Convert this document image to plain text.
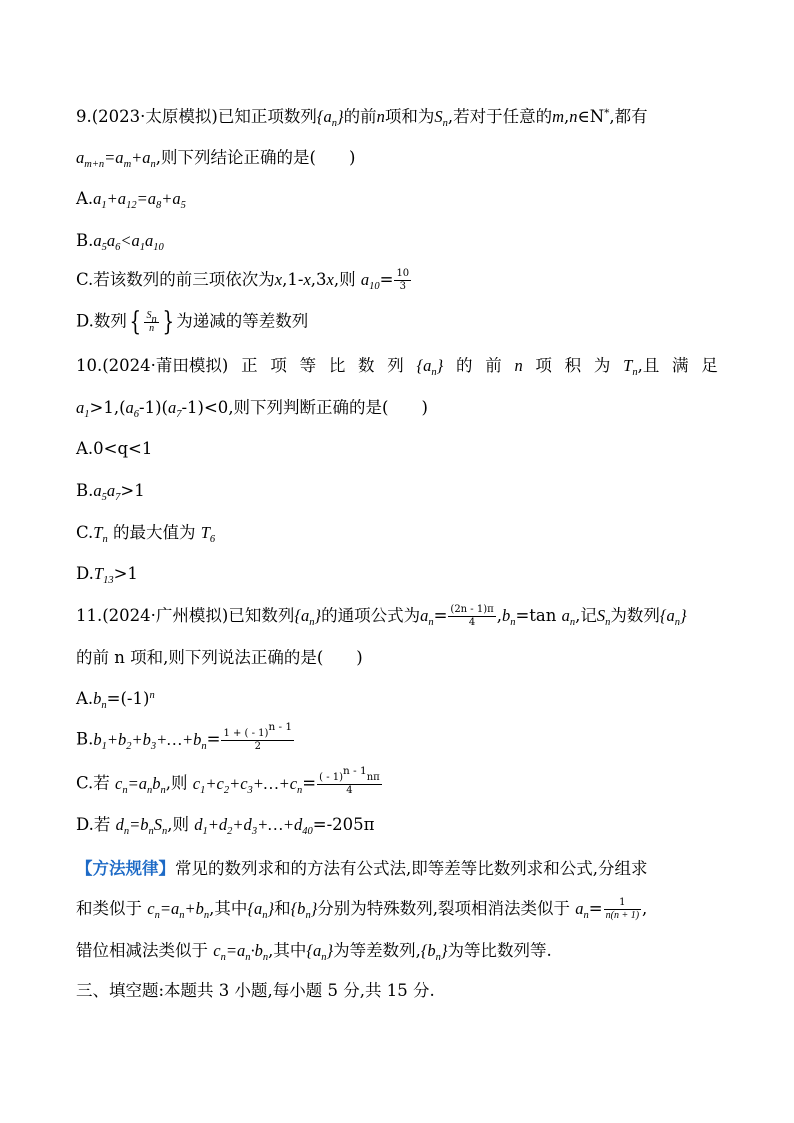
9.(2023·太原模拟)已知正项数列$\{a_n\}$的前n项和为$S_n$,若对于任意的m,n∈N*,都有
$a_{m+n}=a_m+a_n$,则下列结论正确的是(　　)
$A.a_1+a_{12}=a_8+a_5$
$B.a_5a_6<a_1a_{10}$
C.若该数列的前三项依次为x,1-x,3x,则 $a_{10}= \frac{10}{3}$
D.数列{ $\frac{S_n}{n}$ } 为递减的等差数列
10.(2024·莆田模拟) 正 项 等 比 数 列 $\{a_n\}$ 的 前 n 项 积 为 $T_n$,且 满 足
$a_1>1,(a_6-1)(a_7-1)<0$,则下列判断正确的是(　　)
A.0<q<1
$B.a_5a_7>1$
$C.T_n$ 的最大值为 $T_6$
$D.T_{13}>1$
11.(2024·广州模拟)已知数列$\{a_n\}$的通项公式为$a_n= \frac{(2n - 1)\pi}{4} ,b_n=\tan$ $a_n$,记$S_n$为数列$\{a_n\}$
的前 n 项和,则下列说法正确的是(　　)
$A.b_n=(-1)^n$
$B.b_1+b_2+b_3+\dots+b_n= \frac{1 + ( - 1)^{n - 1}}{2}$
C.若 $c_n=a_nb_n$,则 $c_1+c_2+c_3+\dots+c_n= \frac{( - 1)^{n - 1}n\pi}{4}$
D.若 $d_n=b_nS_n$,则 $d_1+d_2+d_3+\dots+d_{40}=-205\pi$
【方法规律】常见的数列求和的方法有公式法,即等差等比数列求和公式,分组求
和类似于 $c_n=a_n+b_n$,其中$\{a_n\}$和$\{b_n\}$分别为特殊数列,裂项相消法类似于 $a_n= \frac{1}{n(n + 1)}$ ,
错位相减法类似于 $c_n=a_n\cdot b_n$,其中$\{a_n\}$为等差数列$,\{b_n\}$为等比数列等.
三、填空题:本题共 3 小题,每小题 5 分,共 15 分.
